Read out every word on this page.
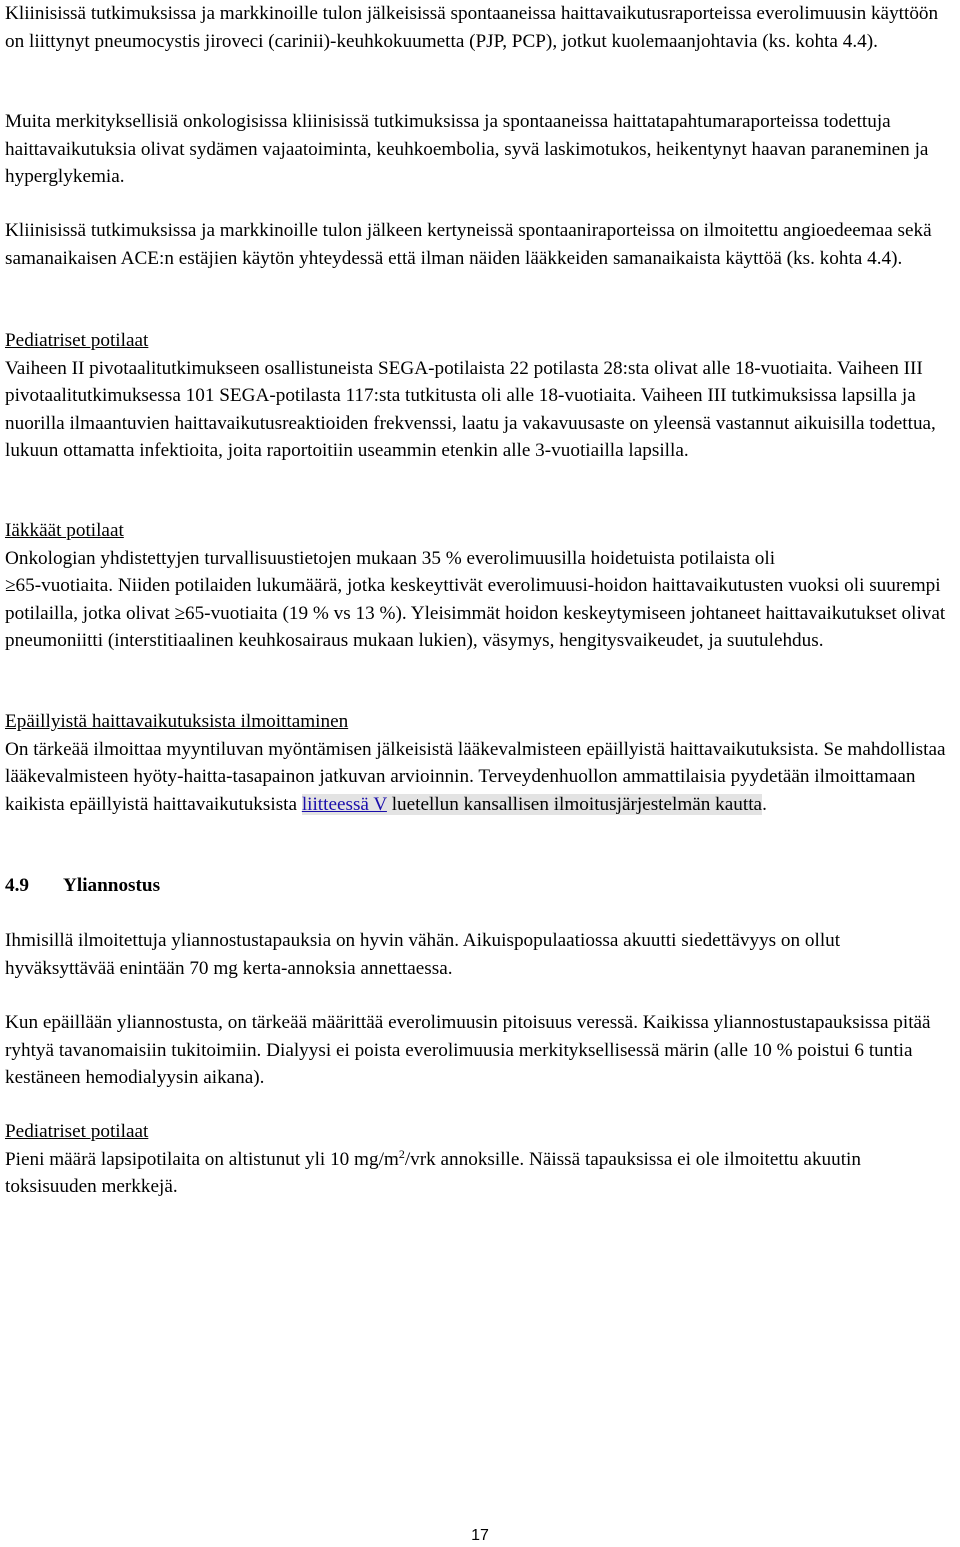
Kliinisissä tutkimuksissa ja markkinoille tulon jälkeisissä spontaaneissa haittavaikutusraporteissa everolimuusin käyttöön on liittynyt pneumocystis jiroveci (carinii)-keuhkokuumetta (PJP, PCP), jotkut kuolemaanjohtavia (ks. kohta 4.4).

Muita merkityksellisiä onkologisissa kliinisissä tutkimuksissa ja spontaaneissa haittatapahtumaraporteissa todettuja haittavaikutuksia olivat sydämen vajaatoiminta, keuhkoembolia, syvä laskimotukos, heikentynyt haavan paraneminen ja hyperglykemia.

Kliinisissä tutkimuksissa ja markkinoille tulon jälkeen kertyneissä spontaaniraporteissa on ilmoitettu angioedeemaa sekä samanaikaisen ACE:n estäjien käytön yhteydessä että ilman näiden lääkkeiden samanaikaista käyttöä (ks. kohta 4.4).

Pediatriset potilaat

Vaiheen II pivotaalitutkimukseen osallistuneista SEGA-potilaista 22 potilasta 28:sta olivat alle 18-vuotiaita. Vaiheen III pivotaalitutkimuksessa 101 SEGA-potilasta 117:sta tutkitusta oli alle 18-vuotiaita. Vaiheen III tutkimuksissa lapsilla ja nuorilla ilmaantuvien haittavaikutusreaktioiden frekvenssi, laatu ja vakavuusaste on yleensä vastannut aikuisilla todettua, lukuun ottamatta infektioita, joita raportoitiin useammin etenkin alle 3-vuotiailla lapsilla.

Iäkkäät potilaat

Onkologian yhdistettyjen turvallisuustietojen mukaan 35 % everolimuusilla hoidetuista potilaista oli

≥65-vuotiaita. Niiden potilaiden lukumäärä, jotka keskeyttivät everolimuusi-hoidon haittavaikutusten vuoksi oli suurempi potilailla, jotka olivat ≥65-vuotiaita (19 % vs 13 %). Yleisimmät hoidon keskeytymiseen johtaneet haittavaikutukset olivat pneumoniitti (interstitiaalinen keuhkosairaus mukaan lukien), väsymys, hengitysvaikeudet, ja suutulehdus.

Epäillyistä haittavaikutuksista ilmoittaminen

On tärkeää ilmoittaa myyntiluvan myöntämisen jälkeisistä lääkevalmisteen epäillyistä haittavaikutuksista. Se mahdollistaa lääkevalmisteen hyöty-haitta-tasapainon jatkuvan arvioinnin. Terveydenhuollon ammattilaisia pyydetään ilmoittamaan kaikista epäillyistä haittavaikutuksista liitteessä V luetellun kansallisen ilmoitusjärjestelmän kautta.

4.9 Yliannostus

Ihmisillä ilmoitettuja yliannostustapauksia on hyvin vähän. Aikuispopulaatiossa akuutti siedettävyys on ollut hyväksyttävää enintään 70 mg kerta-annoksia annettaessa.

Kun epäillään yliannostusta, on tärkeää määrittää everolimuusin pitoisuus veressä. Kaikissa yliannostustapauksissa pitää ryhtyä tavanomaisiin tukitoimiin. Dialyysi ei poista everolimuusia merkityksellisessä märin (alle 10 % poistui 6 tuntia kestäneen hemodialyysin aikana).

Pediatriset potilaat

Pieni määrä lapsipotilaita on altistunut yli 10 $mg/m^2$/vrk annoksille. Näissä tapauksissa ei ole ilmoitettu akuutin toksisuuden merkkejä.

17
